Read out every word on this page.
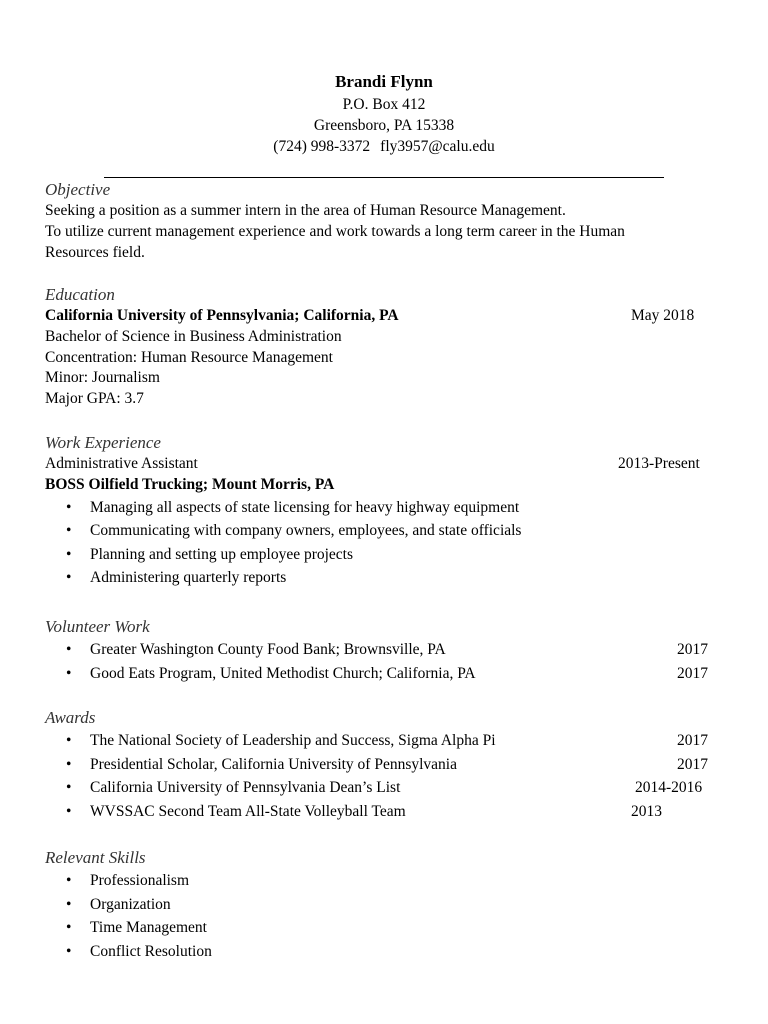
Brandi Flynn
P.O. Box 412
Greensboro, PA 15338
(724) 998-3372 fly3957@calu.edu
Objective
Seeking a position as a summer intern in the area of Human Resource Management.
To utilize current management experience and work towards a long term career in the Human
Resources field.
Education
California University of Pennsylvania; California, PA	May 2018
Bachelor of Science in Business Administration
Concentration: Human Resource Management
Minor: Journalism
Major GPA: 3.7
Work Experience
Administrative Assistant	2013-Present
BOSS Oilfield Trucking; Mount Morris, PA
• Managing all aspects of state licensing for heavy highway equipment
• Communicating with company owners, employees, and state officials
• Planning and setting up employee projects
• Administering quarterly reports
Volunteer Work
• Greater Washington County Food Bank; Brownsville, PA	2017
• Good Eats Program, United Methodist Church; California, PA	2017
Awards
• The National Society of Leadership and Success, Sigma Alpha Pi	2017
• Presidential Scholar, California University of Pennsylvania	2017
• California University of Pennsylvania Dean’s List	2014-2016
• WVSSAC Second Team All-State Volleyball Team	2013
Relevant Skills
• Professionalism
• Organization
• Time Management
• Conflict Resolution
